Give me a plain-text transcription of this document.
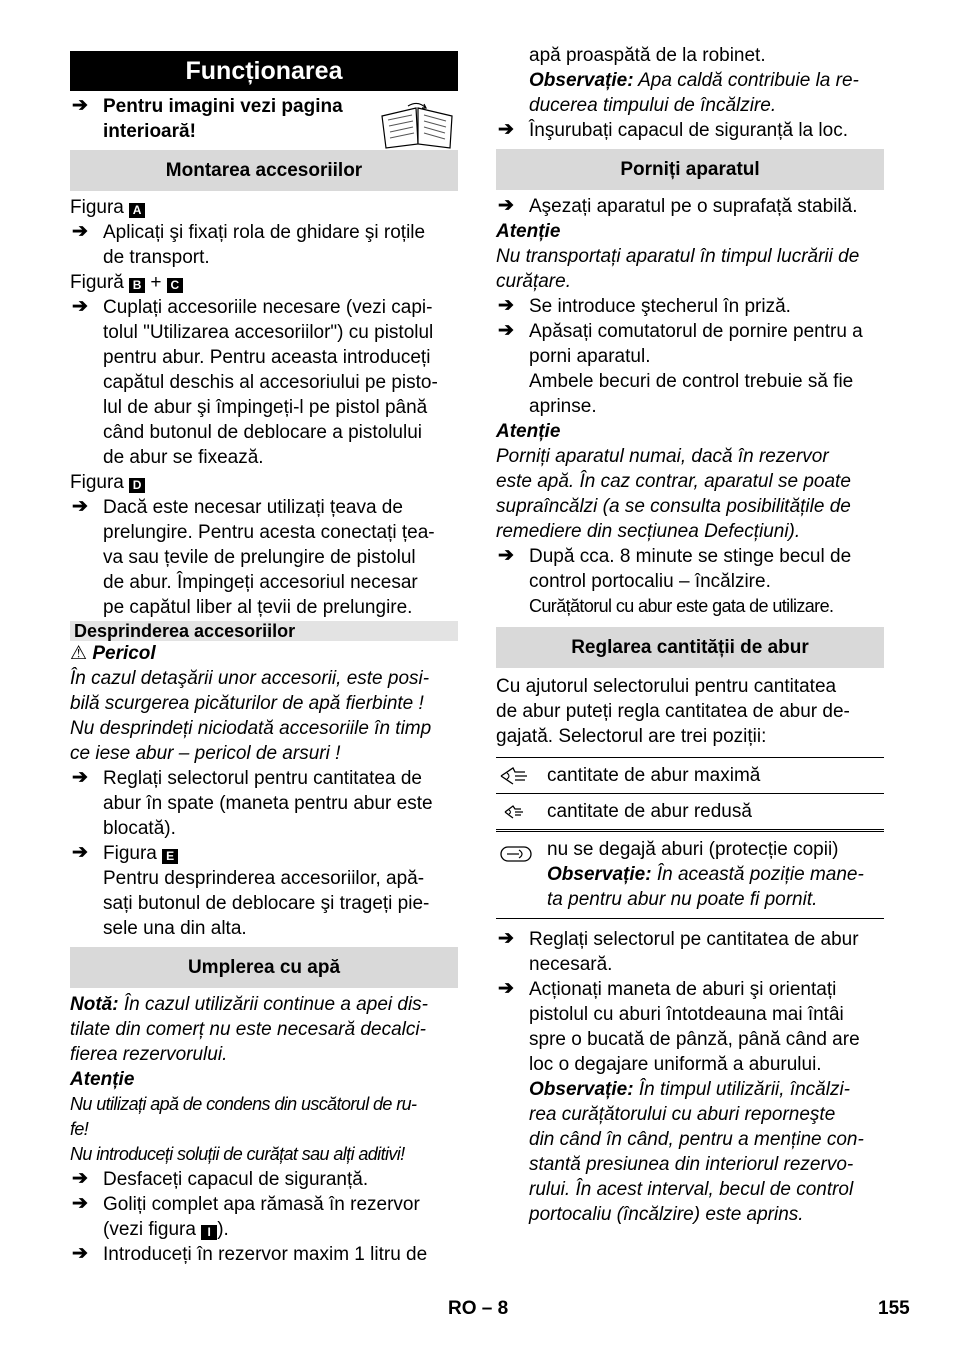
Funcționarea
➔ Pentru imagini vezi pagina
interioară!
Montarea accesoriilor
Figura A
➔ Aplicați şi fixați rola de ghidare şi roțile
de transport.
Figură B + C
➔ Cuplați accesoriile necesare (vezi capi-
tolul "Utilizarea accesoriilor") cu pistolul
pentru abur. Pentru aceasta introduceți
capătul deschis al accesoriului pe pisto-
lul de abur şi împingeți-l pe pistol până
când butonul de deblocare a pistolului
de abur se fixează.
Figura D
➔ Dacă este necesar utilizați țeava de
prelungire. Pentru acesta conectați țea-
va sau țevile de prelungire de pistolul
de abur. Împingeți accesoriul necesar
pe capătul liber al țevii de prelungire.
Desprinderea accesoriilor
⚠ Pericol
În cazul detaşării unor accesorii, este posi-
bilă scurgerea picăturilor de apă fierbinte !
Nu desprindeți niciodată accesoriile în timp
ce iese abur – pericol de arsuri !
➔ Reglați selectorul pentru cantitatea de
abur în spate (maneta pentru abur este
blocată).
➔ Figura E
Pentru desprinderea accesoriilor, apă-
sați butonul de deblocare şi trageți pie-
sele una din alta.
Umplerea cu apă
Notă: În cazul utilizării continue a apei dis-
tilate din comerț nu este necesară decalci-
fierea rezervorului.
Atenție
Nu utilizați apă de condens din uscătorul de ru-
fe!
Nu introduceți soluții de curățat sau alți aditivi!
➔ Desfaceți capacul de siguranță.
➔ Goliți complet apa rămasă în rezervor
(vezi figura I ).
➔ Introduceți în rezervor maxim 1 litru de
apă proaspătă de la robinet.
Observație: Apa caldă contribuie la re-
ducerea timpului de încălzire.
➔ Înşurubați capacul de siguranță la loc.
Porniți aparatul
➔ Aşezați aparatul pe o suprafață stabilă.
Atenție
Nu transportați aparatul în timpul lucrării de
curățare.
➔ Se introduce ştecherul în priză.
➔ Apăsați comutatorul de pornire pentru a
porni aparatul.
Ambele becuri de control trebuie să fie
aprinse.
Atenție
Porniți aparatul numai, dacă în rezervor
este apă. În caz contrar, aparatul se poate
supraîncălzi (a se consulta posibilitățile de
remediere din secțiunea Defecțiuni).
➔ După cca. 8 minute se stinge becul de
control portocaliu – încălzire.
Curățătorul cu abur este gata de utilizare.
Reglarea cantității de abur
Cu ajutorul selectorului pentru cantitatea
de abur puteți regla cantitatea de abur de-
gajată. Selectorul are trei poziții:
cantitate de abur maximă
cantitate de abur redusă
nu se degajă aburi (protecție copii)
Observație: În această poziție mane-
ta pentru abur nu poate fi pornit.
➔ Reglați selectorul pe cantitatea de abur
necesară.
➔ Acționați maneta de aburi şi orientați
pistolul cu aburi întotdeauna mai întâi
spre o bucată de pânză, până când are
loc o degajare uniformă a aburului.
Observație: În timpul utilizării, încălzi-
rea curățătorului cu aburi reporneşte
din când în când, pentru a menține con-
stantă presiunea din interiorul rezervo-
rului. În acest interval, becul de control
portocaliu (încălzire) este aprins.
RO – 8	155
